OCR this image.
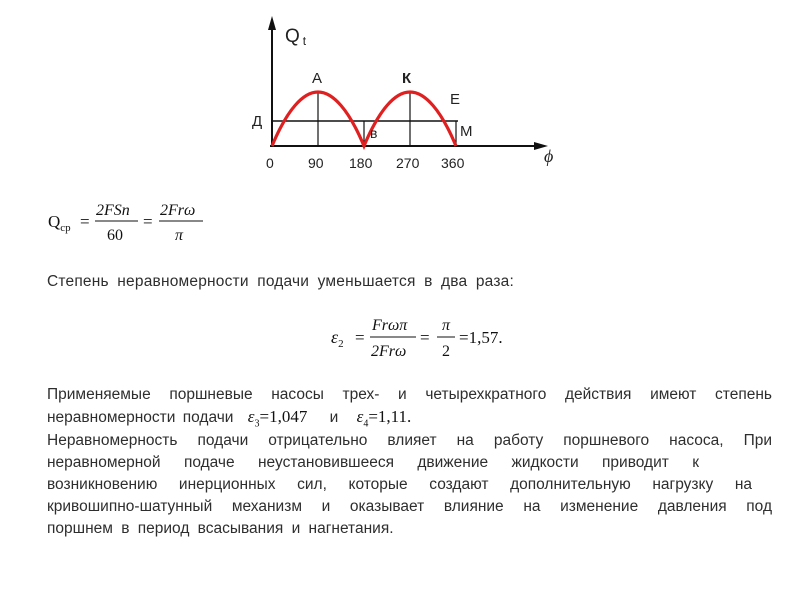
Qt
ϕ
A	К
E
Д
в	M
0 90 180 270 360
$Q_{ср}$ =
2FSn
60
=
2Frω
π
$\varepsilon_2$ =
Frωπ
2Frω
=
π
2
=1,57.
Степень неравномерности подачи уменьшается в два раза:
Применяемые поршневые насосы трех- и четырехкратного действия имеют степень
неравномерности подачи $\varepsilon_3=1,047$ и $\varepsilon_4=1,11$.
Неравномерность подачи отрицательно влияет на работу поршневого насоса, При
неравномерной подаче неустановившееся движение жидкости приводит к
возникновению инерционных сил, которые создают дополнительную нагрузку на
кривошипно-шатунный механизм и оказывает влияние на изменение давления под
поршнем в период всасывания и нагнетания.
